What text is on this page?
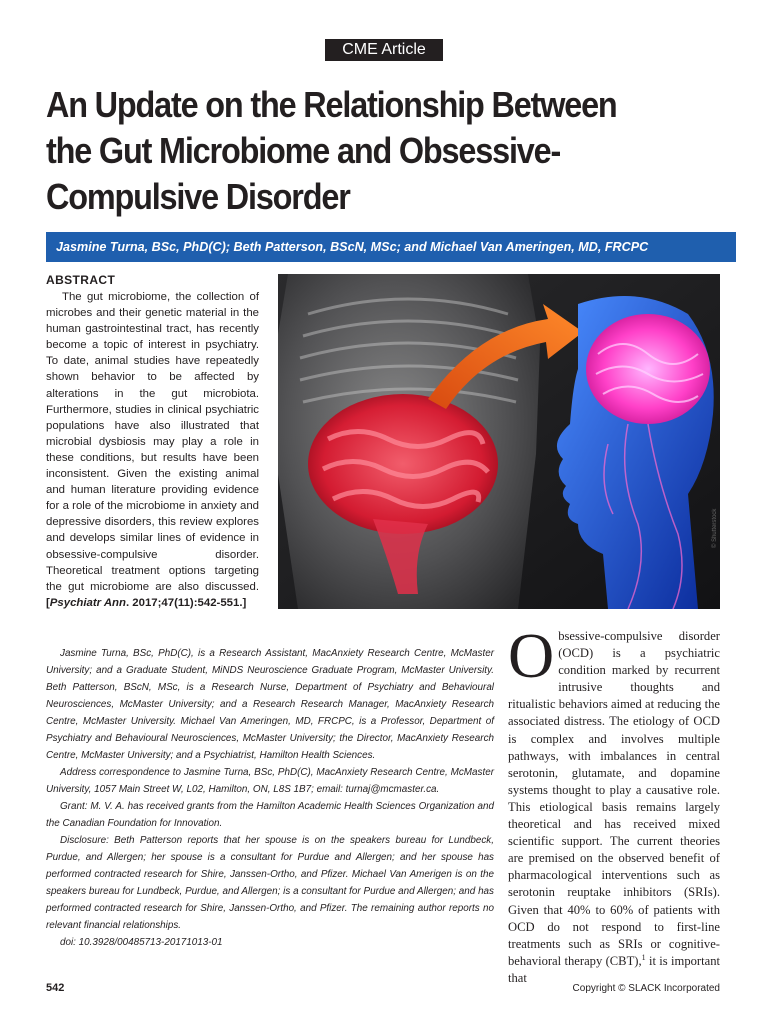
CME Article
An Update on the Relationship Between the Gut Microbiome and Obsessive-Compulsive Disorder
Jasmine Turna, BSc, PhD(C); Beth Patterson, BScN, MSc; and Michael Van Ameringen, MD, FRCPC
ABSTRACT

The gut microbiome, the collection of microbes and their genetic material in the human gastrointestinal tract, has recently become a topic of interest in psychiatry. To date, animal studies have repeatedly shown behavior to be affected by alterations in the gut microbiota. Furthermore, studies in clinical psychiatric populations have also illustrated that microbial dysbiosis may play a role in these conditions, but results have been inconsistent. Given the existing animal and human literature providing evidence for a role of the microbiome in anxiety and depressive disorders, this review explores and develops similar lines of evidence in obsessive-compulsive disorder. Theoretical treatment options targeting the gut microbiome are also discussed. [Psychiatr Ann. 2017;47(11):542-551.]

© Shutterstock

Jasmine Turna, BSc, PhD(C), is a Research Assistant, MacAnxiety Research Centre, McMaster University; and a Graduate Student, MiNDS Neuroscience Graduate Program, McMaster University. Beth Patterson, BScN, MSc, is a Research Nurse, Department of Psychiatry and Behavioural Neurosciences, McMaster University; and a Research Research Manager, MacAnxiety Research Centre, McMaster University. Michael Van Ameringen, MD, FRCPC, is a Professor, Department of Psychiatry and Behavioural Neurosciences, McMaster University; the Director, MacAnxiety Research Centre, McMaster University; and a Psychiatrist, Hamilton Health Sciences.

Address correspondence to Jasmine Turna, BSc, PhD(C), MacAnxiety Research Centre, McMaster University, 1057 Main Street W, L02, Hamilton, ON, L8S 1B7; email: turnaj@mcmaster.ca.

Grant: M. V. A. has received grants from the Hamilton Academic Health Sciences Organization and the Canadian Foundation for Innovation.

Disclosure: Beth Patterson reports that her spouse is on the speakers bureau for Lundbeck, Purdue, and Allergen; her spouse is a consultant for Purdue and Allergen; and her spouse has performed contracted research for Shire, Janssen-Ortho, and Pfizer. Michael Van Amerigen is on the speakers bureau for Lundbeck, Purdue, and Allergen; is a consultant for Purdue and Allergen; and has performed contracted research for Shire, Janssen-Ortho, and Pfizer. The remaining author reports no relevant financial relationships.

doi: 10.3928/00485713-20171013-01

Obsessive-compulsive disorder (OCD) is a psychiatric condition marked by recurrent intrusive thoughts and ritualistic behaviors aimed at reducing the associated distress. The etiology of OCD is complex and involves multiple pathways, with imbalances in central serotonin, glutamate, and dopamine systems thought to play a causative role. This etiological basis remains largely theoretical and has received mixed scientific support. The current theories are premised on the observed benefit of pharmacological interventions such as serotonin reuptake inhibitors (SRIs). Given that 40% to 60% of patients with OCD do not respond to first-line treatments such as SRIs or cognitive-behavioral therapy (CBT),$^1$ it is important that
542	Copyright © SLACK Incorporated
